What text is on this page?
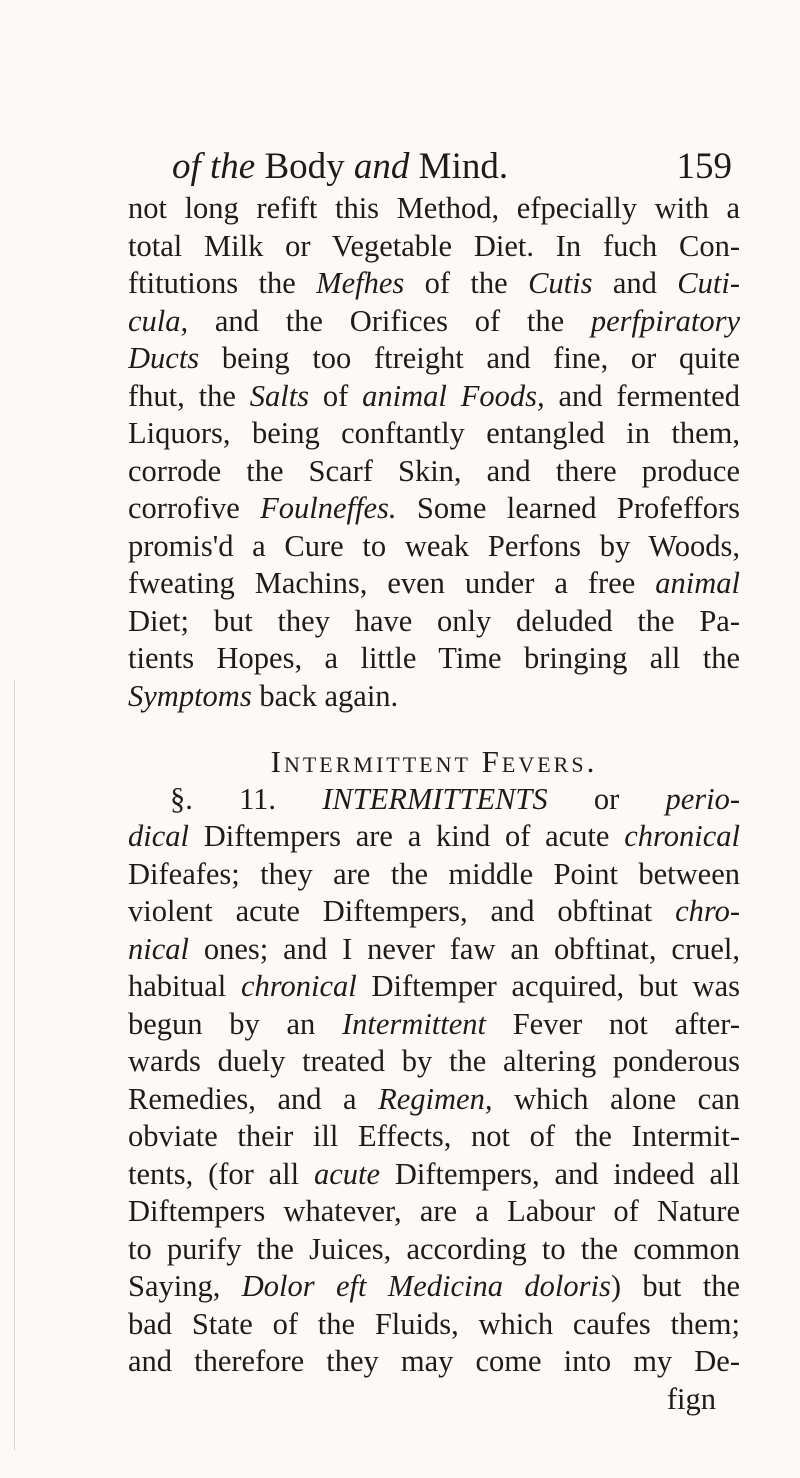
of the Body and Mind.	159
not long refift this Method, efpecially with a
total Milk or Vegetable Diet. In fuch Con-
ftitutions the Mefhes of the Cutis and Cuti-
cula, and the Orifices of the perfpiratory
Ducts being too ftreight and fine, or quite
fhut, the Salts of animal Foods, and fermented
Liquors, being conftantly entangled in them,
corrode the Scarf Skin, and there produce
corrofive Foulneffes. Some learned Profeffors
promis'd a Cure to weak Perfons by Woods,
fweating Machins, even under a free animal
Diet; but they have only deluded the Pa-
tients Hopes, a little Time bringing all the
Symptoms back again.
Intermittent Fevers.
§. 11. INTERMITTENTS or perio-
dical Diftempers are a kind of acute chronical
Difeafes; they are the middle Point between
violent acute Diftempers, and obftinat chro-
nical ones; and I never faw an obftinat, cruel,
habitual chronical Diftemper acquired, but was
begun by an Intermittent Fever not after-
wards duely treated by the altering ponderous
Remedies, and a Regimen, which alone can
obviate their ill Effects, not of the Intermit-
tents, (for all acute Diftempers, and indeed all
Diftempers whatever, are a Labour of Nature
to purify the Juices, according to the common
Saying, Dolor eft Medicina doloris) but the
bad State of the Fluids, which caufes them;
and therefore they may come into my De-
fign
